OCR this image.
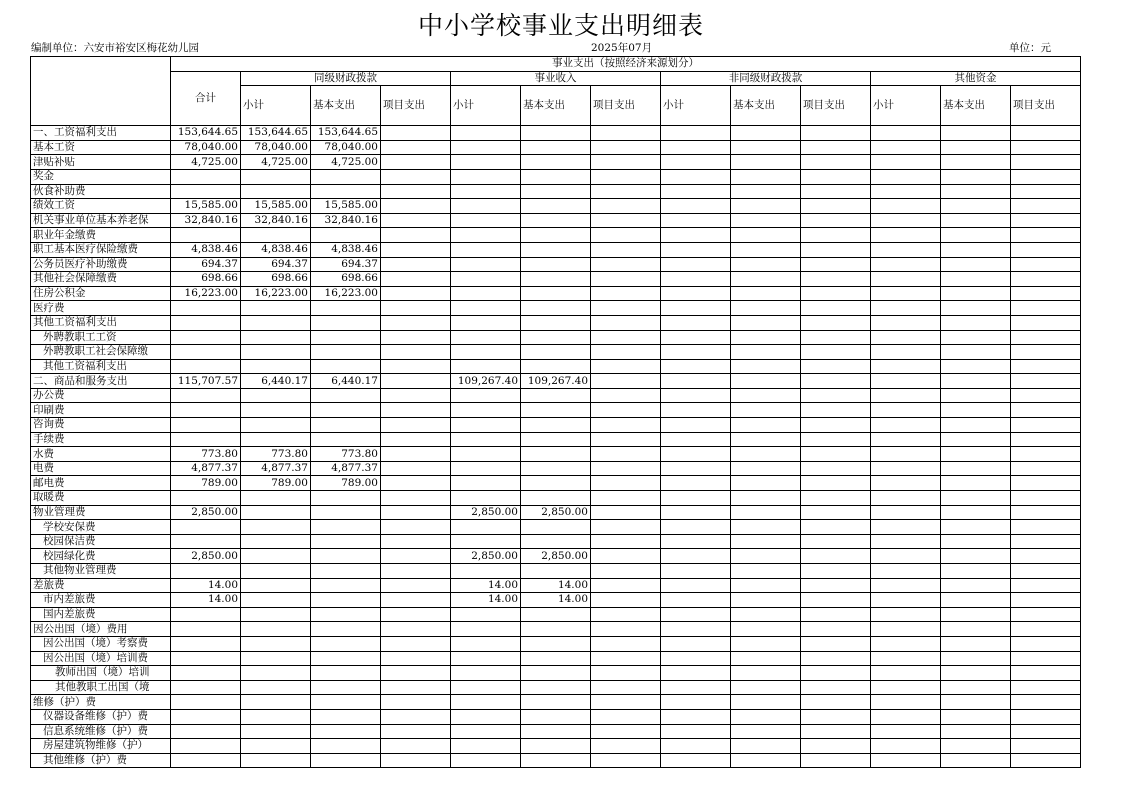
中小学校事业支出明细表
编制单位：六安市裕安区梅花幼儿园	2025年07月	单位：元
	事业支出（按照经济来源划分）												
	合计	同级财政拨款			事业收入			非同级财政拨款			其他资金		
		小计	基本支出	项目支出	小计	基本支出	项目支出	小计	基本支出	项目支出	小计	基本支出	项目支出
一、工资福利支出	153,644.65	153,644.65	153,644.65										
基本工资	78,040.00	78,040.00	78,040.00										
津贴补贴	4,725.00	4,725.00	4,725.00										
奖金													
伙食补助费													
绩效工资	15,585.00	15,585.00	15,585.00										
机关事业单位基本养老保	32,840.16	32,840.16	32,840.16										
职业年金缴费													
职工基本医疗保险缴费	4,838.46	4,838.46	4,838.46										
公务员医疗补助缴费	694.37	694.37	694.37										
其他社会保障缴费	698.66	698.66	698.66										
住房公积金	16,223.00	16,223.00	16,223.00										
医疗费													
其他工资福利支出													
外聘教职工工资													
外聘教职工社会保障缴													
其他工资福利支出													
二、商品和服务支出	115,707.57	6,440.17	6,440.17		109,267.40	109,267.40							
办公费													
印刷费													
咨询费													
手续费													
水费	773.80	773.80	773.80										
电费	4,877.37	4,877.37	4,877.37										
邮电费	789.00	789.00	789.00										
取暖费													
物业管理费	2,850.00				2,850.00	2,850.00							
学校安保费													
校园保洁费													
校园绿化费	2,850.00				2,850.00	2,850.00							
其他物业管理费													
差旅费	14.00				14.00	14.00							
市内差旅费	14.00				14.00	14.00							
国内差旅费													
因公出国（境）费用													
因公出国（境）考察费													
因公出国（境）培训费													
教师出国（境）培训													
其他教职工出国（境													
维修（护）费													
仪器设备维修（护）费													
信息系统维修（护）费													
房屋建筑物维修（护）													
其他维修（护）费													
